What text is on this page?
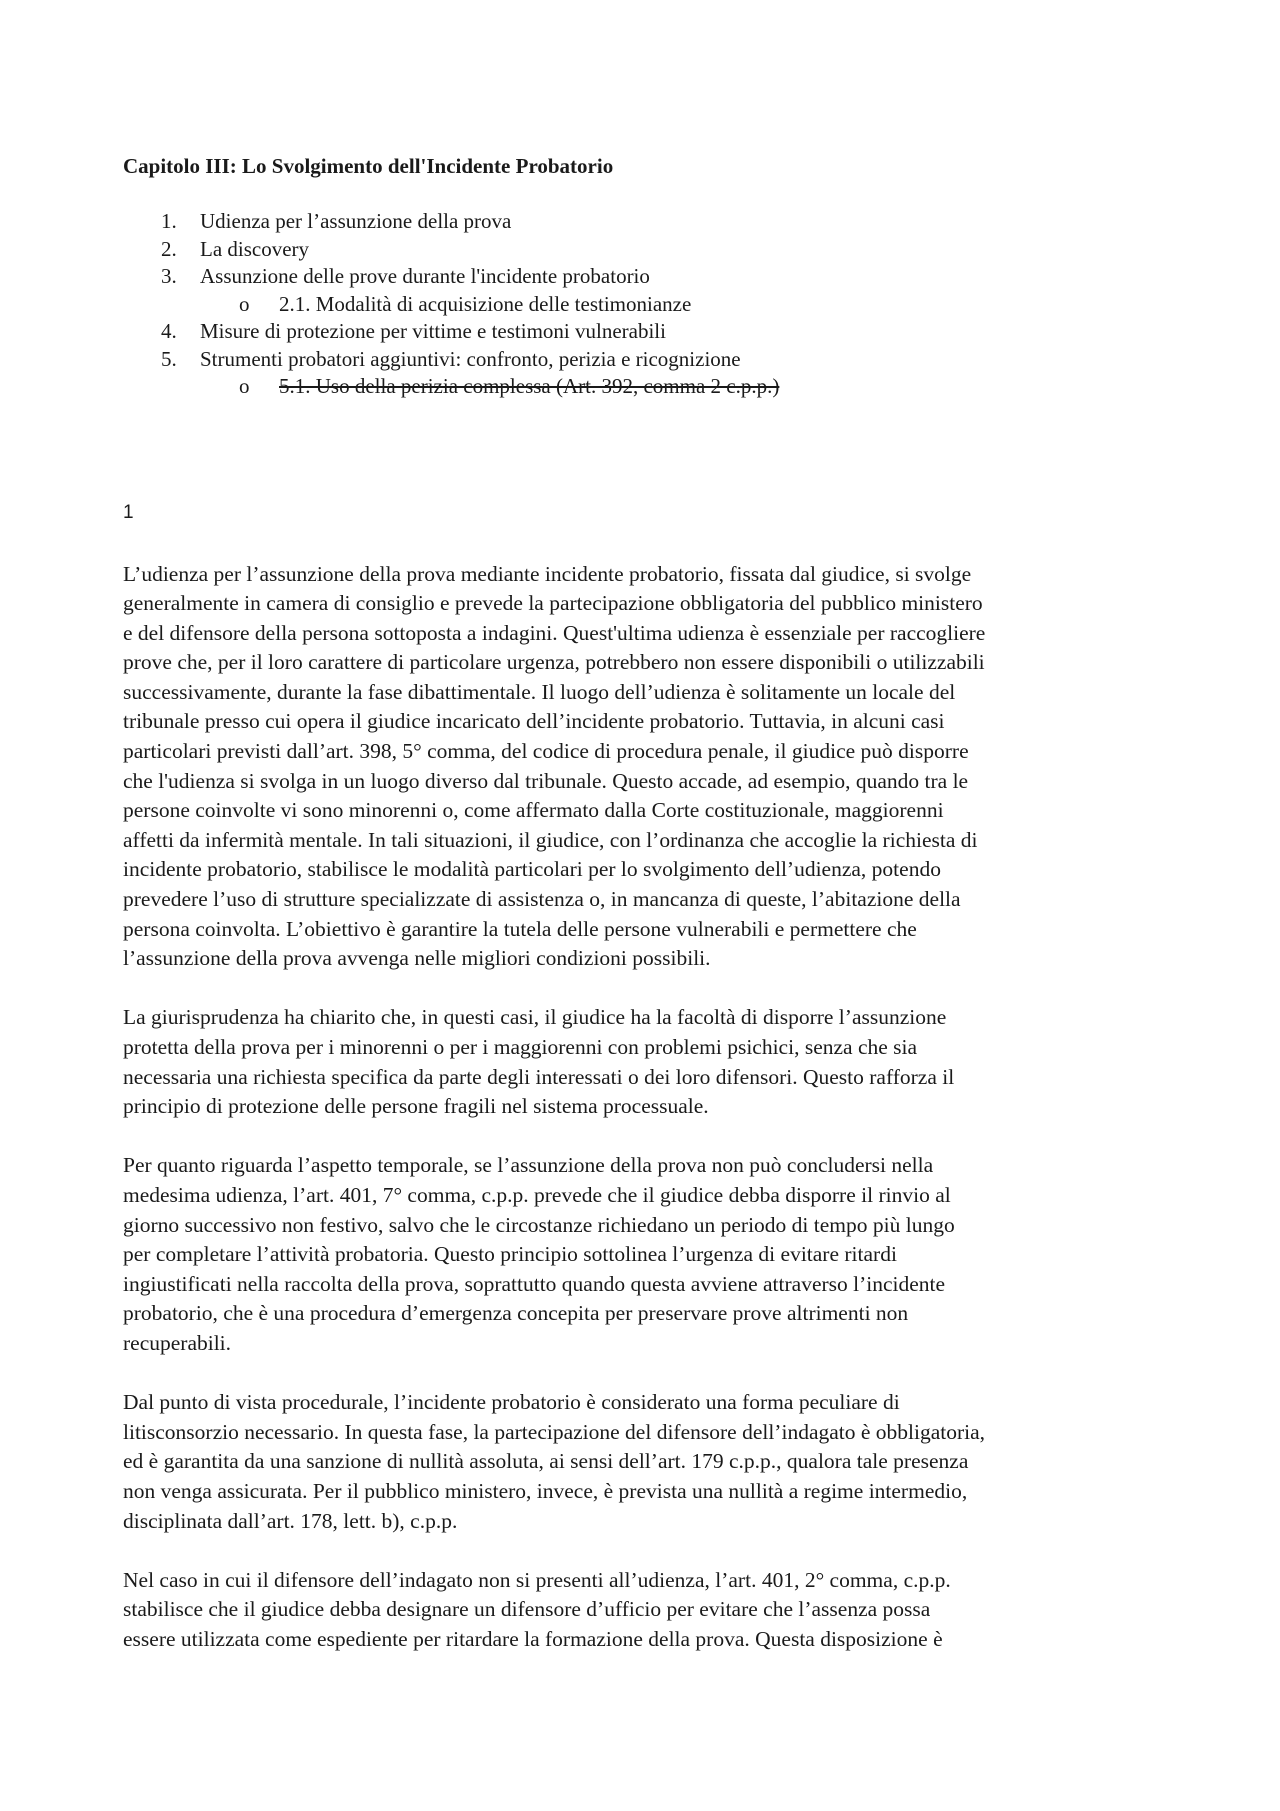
Capitolo III: Lo Svolgimento dell'Incidente Probatorio
1. Udienza per l’assunzione della prova
2. La discovery
3. Assunzione delle prove durante l'incidente probatorio
o 2.1. Modalità di acquisizione delle testimonianze
4. Misure di protezione per vittime e testimoni vulnerabili
5. Strumenti probatori aggiuntivi: confronto, perizia e ricognizione
o 5.1. Uso della perizia complessa (Art. 392, comma 2 c.p.p.)
1

L’udienza per l’assunzione della prova mediante incidente probatorio, fissata dal giudice, si svolge
generalmente in camera di consiglio e prevede la partecipazione obbligatoria del pubblico ministero
e del difensore della persona sottoposta a indagini. Quest'ultima udienza è essenziale per raccogliere
prove che, per il loro carattere di particolare urgenza, potrebbero non essere disponibili o utilizzabili
successivamente, durante la fase dibattimentale. Il luogo dell’udienza è solitamente un locale del
tribunale presso cui opera il giudice incaricato dell’incidente probatorio. Tuttavia, in alcuni casi
particolari previsti dall’art. 398, 5° comma, del codice di procedura penale, il giudice può disporre
che l'udienza si svolga in un luogo diverso dal tribunale. Questo accade, ad esempio, quando tra le
persone coinvolte vi sono minorenni o, come affermato dalla Corte costituzionale, maggiorenni
affetti da infermità mentale. In tali situazioni, il giudice, con l’ordinanza che accoglie la richiesta di
incidente probatorio, stabilisce le modalità particolari per lo svolgimento dell’udienza, potendo
prevedere l’uso di strutture specializzate di assistenza o, in mancanza di queste, l’abitazione della
persona coinvolta. L’obiettivo è garantire la tutela delle persone vulnerabili e permettere che
l’assunzione della prova avvenga nelle migliori condizioni possibili.

La giurisprudenza ha chiarito che, in questi casi, il giudice ha la facoltà di disporre l’assunzione
protetta della prova per i minorenni o per i maggiorenni con problemi psichici, senza che sia
necessaria una richiesta specifica da parte degli interessati o dei loro difensori. Questo rafforza il
principio di protezione delle persone fragili nel sistema processuale.

Per quanto riguarda l’aspetto temporale, se l’assunzione della prova non può concludersi nella
medesima udienza, l’art. 401, 7° comma, c.p.p. prevede che il giudice debba disporre il rinvio al
giorno successivo non festivo, salvo che le circostanze richiedano un periodo di tempo più lungo
per completare l’attività probatoria. Questo principio sottolinea l’urgenza di evitare ritardi
ingiustificati nella raccolta della prova, soprattutto quando questa avviene attraverso l’incidente
probatorio, che è una procedura d’emergenza concepita per preservare prove altrimenti non
recuperabili.

Dal punto di vista procedurale, l’incidente probatorio è considerato una forma peculiare di
litisconsorzio necessario. In questa fase, la partecipazione del difensore dell’indagato è obbligatoria,
ed è garantita da una sanzione di nullità assoluta, ai sensi dell’art. 179 c.p.p., qualora tale presenza
non venga assicurata. Per il pubblico ministero, invece, è prevista una nullità a regime intermedio,
disciplinata dall’art. 178, lett. b), c.p.p.

Nel caso in cui il difensore dell’indagato non si presenti all’udienza, l’art. 401, 2° comma, c.p.p.
stabilisce che il giudice debba designare un difensore d’ufficio per evitare che l’assenza possa
essere utilizzata come espediente per ritardare la formazione della prova. Questa disposizione è
